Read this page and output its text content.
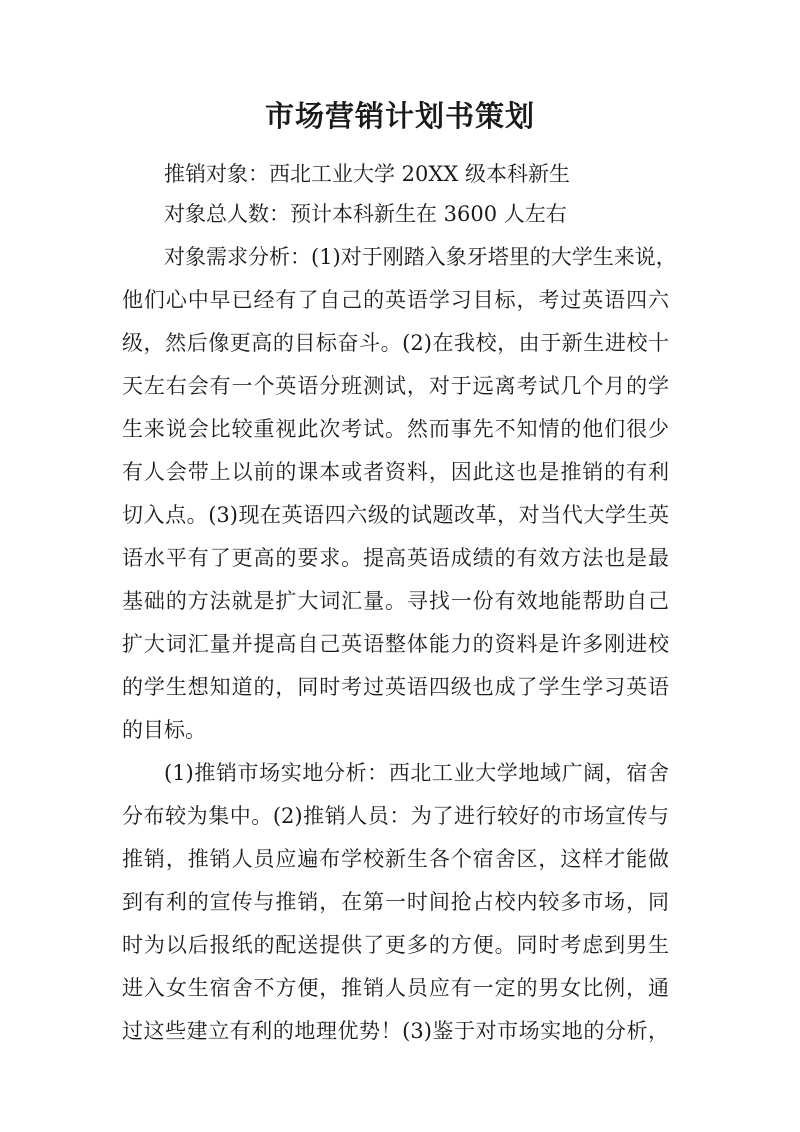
市场营销计划书策划
推销对象：西北工业大学 20XX 级本科新生
对象总人数：预计本科新生在 3600 人左右
对象需求分析：(1)对于刚踏入象牙塔里的大学生来说，
他们心中早已经有了自己的英语学习目标，考过英语四六
级，然后像更高的目标奋斗。(2)在我校，由于新生进校十
天左右会有一个英语分班测试，对于远离考试几个月的学
生来说会比较重视此次考试。然而事先不知情的他们很少
有人会带上以前的课本或者资料，因此这也是推销的有利
切入点。(3)现在英语四六级的试题改革，对当代大学生英
语水平有了更高的要求。提高英语成绩的有效方法也是最
基础的方法就是扩大词汇量。寻找一份有效地能帮助自己
扩大词汇量并提高自己英语整体能力的资料是许多刚进校
的学生想知道的，同时考过英语四级也成了学生学习英语
的目标。
(1)推销市场实地分析：西北工业大学地域广阔，宿舍
分布较为集中。(2)推销人员：为了进行较好的市场宣传与
推销，推销人员应遍布学校新生各个宿舍区，这样才能做
到有利的宣传与推销，在第一时间抢占校内较多市场，同
时为以后报纸的配送提供了更多的方便。同时考虑到男生
进入女生宿舍不方便，推销人员应有一定的男女比例，通
过这些建立有利的地理优势！(3)鉴于对市场实地的分析，
